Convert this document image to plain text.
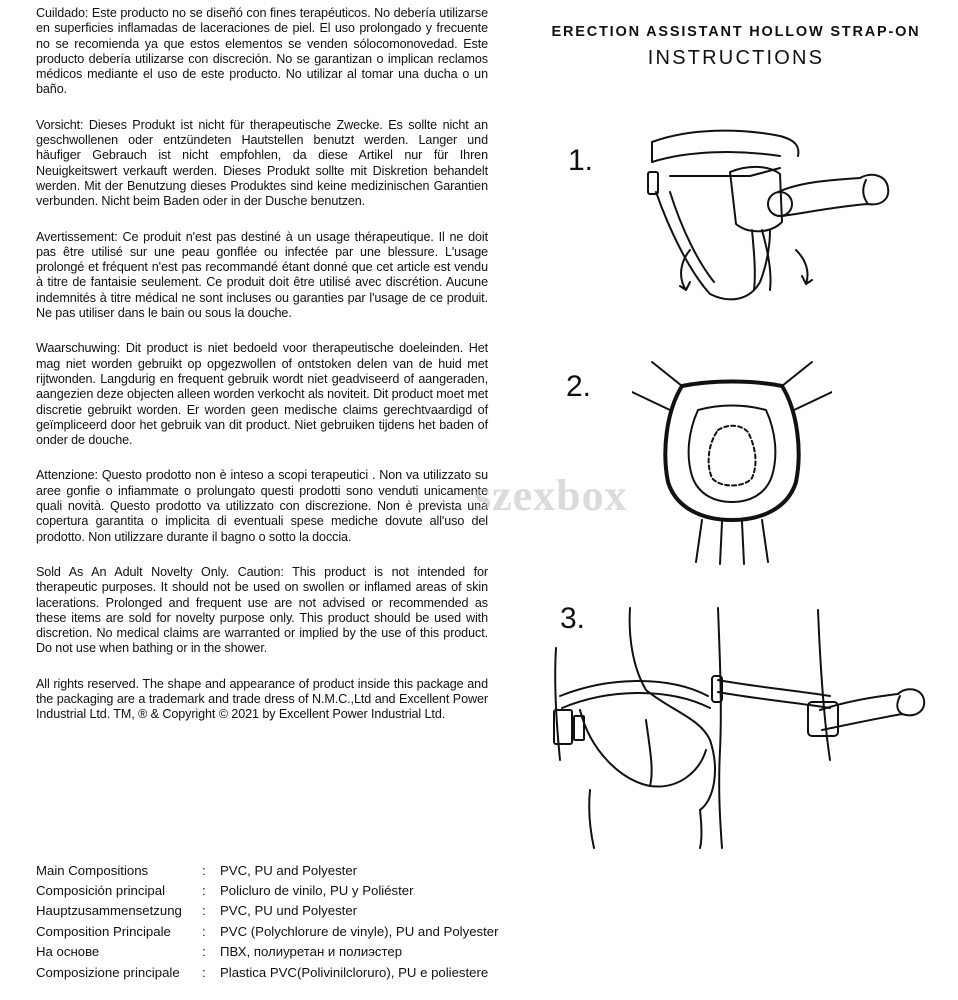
Cuildado: Este producto no se diseñó con fines terapéuticos. No debería utilizarse en superficies inflamadas de laceraciones de piel. El uso prolongado y frecuente no se recomienda ya que estos elementos se venden sólocomonovedad. Este producto debería utilizarse con discreción. No se garantizan o implican reclamos médicos mediante el uso de este producto. No utilizar al tomar una ducha o un baño.

Vorsicht: Dieses Produkt ist nicht für therapeutische Zwecke. Es sollte nicht an geschwollenen oder entzündeten Hautstellen benutzt werden. Langer und häufiger Gebrauch ist nicht empfohlen, da diese Artikel nur für Ihren Neuigkeitswert verkauft werden. Dieses Produkt sollte mit Diskretion behandelt werden. Mit der Benutzung dieses Produktes sind keine medizinischen Garantien verbunden. Nicht beim Baden oder in der Dusche benutzen.

Avertissement: Ce produit n'est pas destiné à un usage thérapeutique. Il ne doit pas être utilisé sur une peau gonflée ou infectée par une blessure. L'usage prolongé et fréquent n'est pas recommandé étant donné que cet article est vendu à titre de fantaisie seulement. Ce produit doit être utilisé avec discrétion. Aucune indemnités à titre médical ne sont incluses ou garanties par l'usage de ce produit. Ne pas utiliser dans le bain ou sous la douche.

Waarschuwing: Dit product is niet bedoeld voor therapeutische doeleinden. Het mag niet worden gebruikt op opgezwollen of ontstoken delen van de huid met rijtwonden. Langdurig en frequent gebruik wordt niet geadviseerd of aangeraden, aangezien deze objecten alleen worden verkocht als noviteit. Dit product moet met discretie gebruikt worden. Er worden geen medische claims gerechtvaardigd of geïmpliceerd door het gebruik van dit product. Niet gebruiken tijdens het baden of onder de douche.

Attenzione: Questo prodotto non è inteso a scopi terapeutici . Non va utilizzato su aree gonfie o infiammate o prolungato questi prodotti sono venduti unicamente quali novità. Questo prodotto va utilizzato con discrezione. Non è prevista una copertura garantita o implicita di eventuali spese mediche dovute all'uso del prodotto. Non utilizzare durante il bagno o sotto la doccia.

Sold As An Adult Novelty Only. Caution: This product is not intended for therapeutic purposes. It should not be used on swollen or inflamed areas of skin lacerations. Prolonged and frequent use are not advised or recommended as these items are sold for novelty purpose only. This product should be used with discretion. No medical claims are warranted or implied by the use of this product. Do not use when bathing or in the shower.

All rights reserved. The shape and appearance of product inside this package and the packaging are a trademark and trade dress of N.M.C.,Ltd and Excellent Power Industrial Ltd. TM, ® & Copyright © 2021 by Excellent Power Industrial Ltd.

Main Compositions	:	PVC, PU and Polyester
Composición principal	:	Policluro de vinilo, PU y Poliéster
Hauptzusammensetzung	:	PVC, PU und Polyester
Composition Principale	:	PVC (Polychlorure de vinyle), PU and Polyester
На основе	:	ПВХ, полиуретан и полиэстер
Composizione principale	:	Plastica PVC(Polivinilcloruro), PU e poliestere

ERECTION ASSISTANT HOLLOW STRAP-ON

INSTRUCTIONS

1.
2.
3.
szexbox
